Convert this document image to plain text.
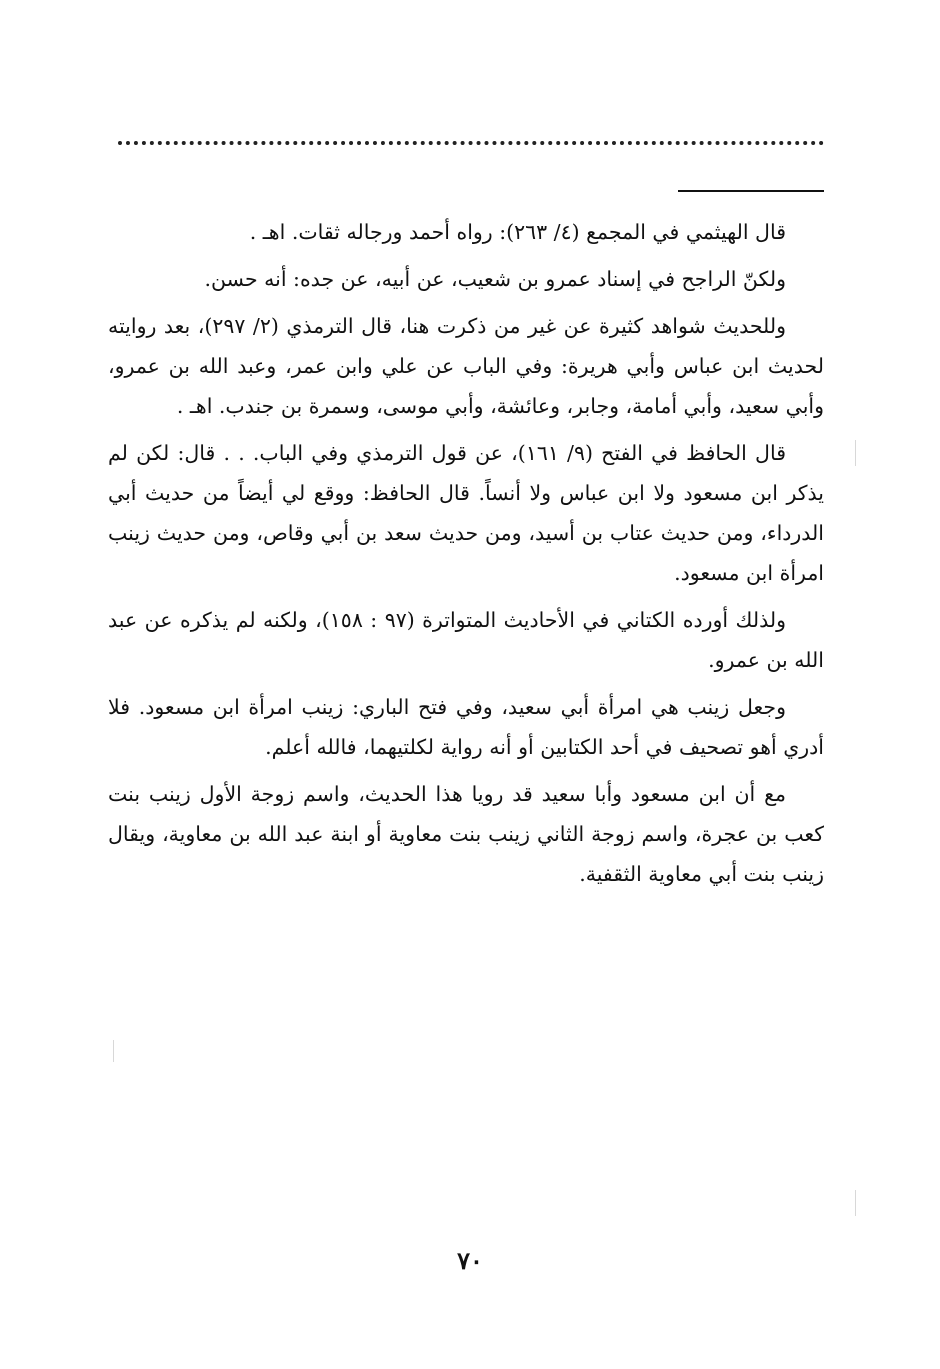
قال الهيثمي في المجمع (٤/ ٢٦٣): رواه أحمد ورجاله ثقات. اهـ .

ولكنّ الراجح في إسناد عمرو بن شعيب، عن أبيه، عن جده: أنه حسن.

وللحديث شواهد كثيرة عن غير من ذكرت هنا، قال الترمذي (٢/ ٢٩٧)، بعد روايته لحديث ابن عباس وأبي هريرة: وفي الباب عن علي وابن عمر، وعبد الله بن عمرو، وأبي سعيد، وأبي أمامة، وجابر، وعائشة، وأبي موسى، وسمرة بن جندب. اهـ .

قال الحافظ في الفتح (٩/ ١٦١)، عن قول الترمذي وفي الباب. . . قال: لكن لم يذكر ابن مسعود ولا ابن عباس ولا أنساً. قال الحافظ: ووقع لي أيضاً من حديث أبي الدرداء، ومن حديث عتاب بن أسيد، ومن حديث سعد بن أبي وقاص، ومن حديث زينب امرأة ابن مسعود.

ولذلك أورده الكتاني في الأحاديث المتواترة (٩٧ : ١٥٨)، ولكنه لم يذكره عن عبد الله بن عمرو.

وجعل زينب هي امرأة أبي سعيد، وفي فتح الباري: زينب امرأة ابن مسعود. فلا أدري أهو تصحيف في أحد الكتابين أو أنه رواية لكلتيهما، فالله أعلم.

مع أن ابن مسعود وأبا سعيد قد رويا هذا الحديث، واسم زوجة الأول زينب بنت كعب بن عجرة، واسم زوجة الثاني زينب بنت معاوية أو ابنة عبد الله بن معاوية، ويقال زينب بنت أبي معاوية الثقفية.

٧٠
